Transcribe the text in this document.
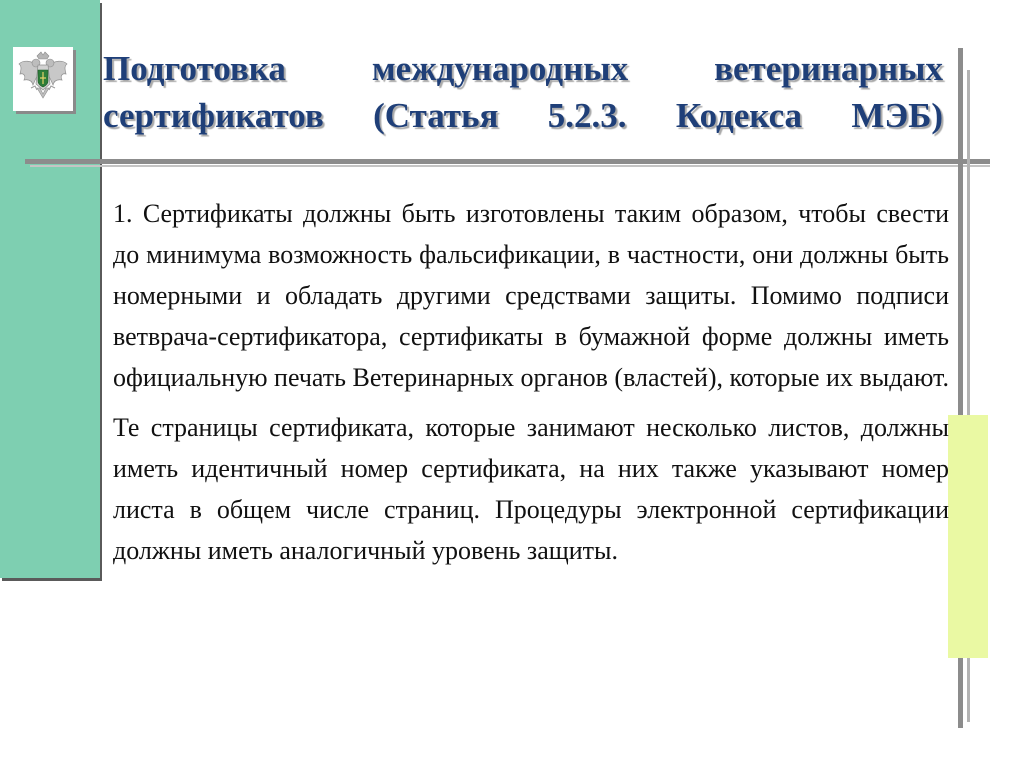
Подготовка международных ветеринарных сертификатов (Статья 5.2.3. Кодекса МЭБ)

1. Сертификаты должны быть изготовлены таким образом, чтобы свести до минимума возможность фальсификации, в частности, они должны быть номерными и обладать другими средствами защиты. Помимо подписи ветврача-сертификатора, сертификаты в бумажной форме должны иметь официальную печать Ветеринарных органов (властей), которые их выдают.

Те страницы сертификата, которые занимают несколько листов, должны иметь идентичный номер сертификата, на них также указывают номер листа в общем числе страниц. Процедуры электронной сертификации должны иметь аналогичный уровень защиты.
